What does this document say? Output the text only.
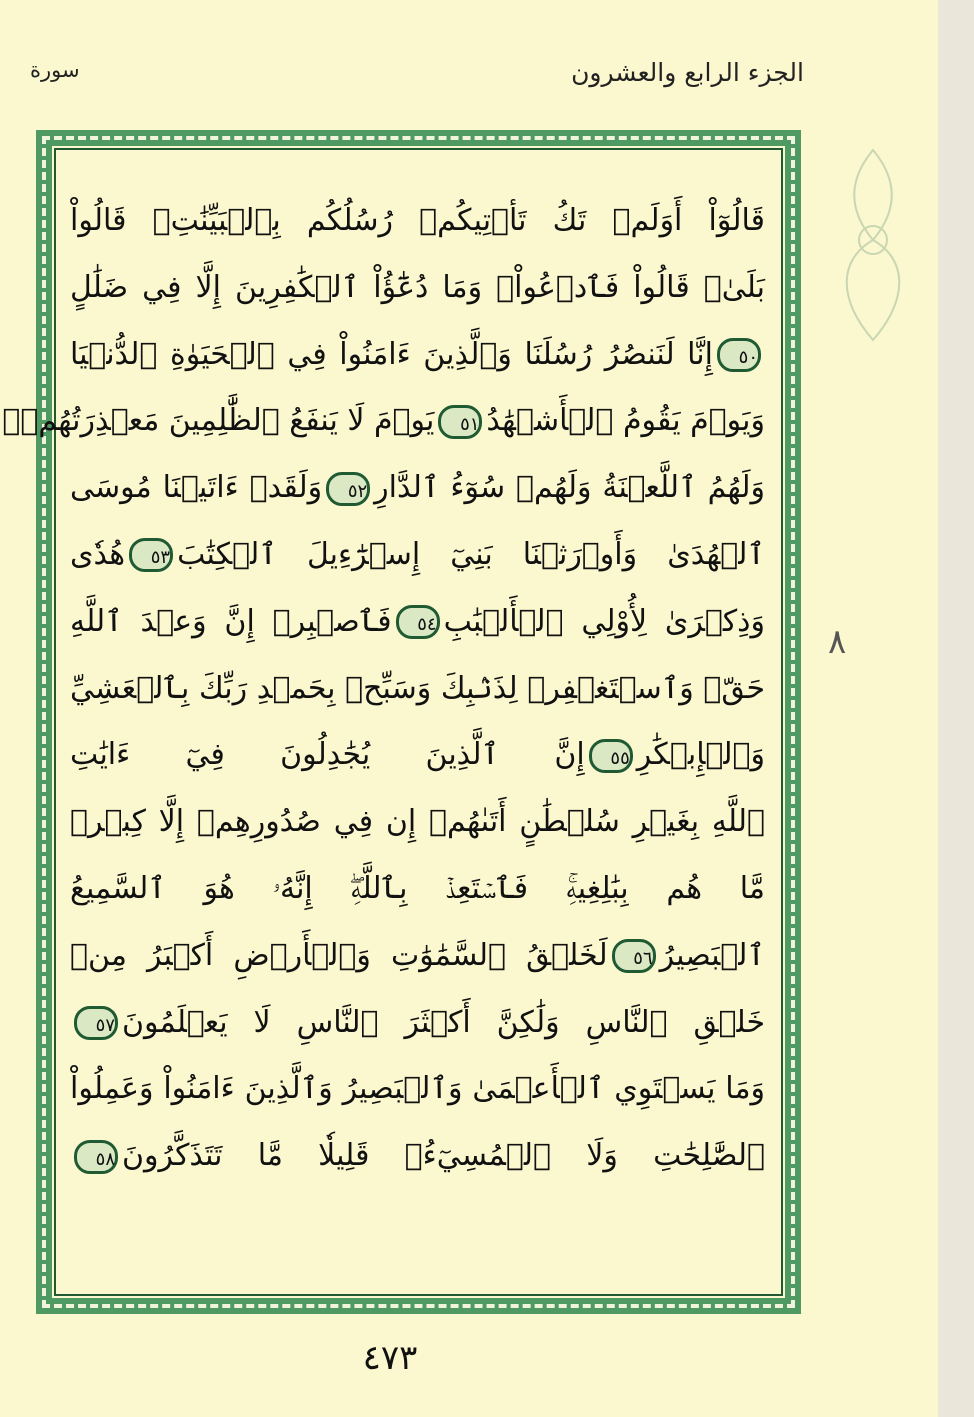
الجزء الرابع والعشرون
سورة
قَالُوٓاْ أَوَلَمۡ تَكُ تَأۡتِيكُمۡ رُسُلُكُم بِٱلۡبَيِّنَٰتِۖ قَالُواْ
بَلَىٰۚ قَالُواْ فَٱدۡعُواْۗ وَمَا دُعَٰٓؤُاْ ٱلۡكَٰفِرِينَ إِلَّا فِي ضَلَٰلٍ
٥٠إِنَّا لَنَنصُرُ رُسُلَنَا وَٱلَّذِينَ ءَامَنُواْ فِي ٱلۡحَيَوٰةِ ٱلدُّنۡيَا
وَيَوۡمَ يَقُومُ ٱلۡأَشۡهَٰدُ٥١يَوۡمَ لَا يَنفَعُ ٱلظَّٰلِمِينَ مَعۡذِرَتُهُمۡۖ
وَلَهُمُ ٱللَّعۡنَةُ وَلَهُمۡ سُوٓءُ ٱلدَّارِ٥٢وَلَقَدۡ ءَاتَيۡنَا مُوسَى
ٱلۡهُدَىٰ وَأَوۡرَثۡنَا بَنِيٓ إِسۡرَٰٓءِيلَ ٱلۡكِتَٰبَ٥٣هُدٗى
وَذِكۡرَىٰ لِأُوْلِي ٱلۡأَلۡبَٰبِ٥٤فَٱصۡبِرۡ إِنَّ وَعۡدَ ٱللَّهِ
حَقّٞ وَٱسۡتَغۡفِرۡ لِذَنۢبِكَ وَسَبِّحۡ بِحَمۡدِ رَبِّكَ بِٱلۡعَشِيِّ
وَٱلۡإِبۡكَٰرِ٥٥إِنَّ ٱلَّذِينَ يُجَٰدِلُونَ فِيٓ ءَايَٰتِ
ٱللَّهِ بِغَيۡرِ سُلۡطَٰنٍ أَتَىٰهُمۡ إِن فِي صُدُورِهِمۡ إِلَّا كِبۡرٞ
مَّا هُم بِبَٰلِغِيهِۚ فَٱسۡتَعِذۡ بِٱللَّهِۖ إِنَّهُۥ هُوَ ٱلسَّمِيعُ
ٱلۡبَصِيرُ٥٦لَخَلۡقُ ٱلسَّمَٰوَٰتِ وَٱلۡأَرۡضِ أَكۡبَرُ مِنۡ
خَلۡقِ ٱلنَّاسِ وَلَٰكِنَّ أَكۡثَرَ ٱلنَّاسِ لَا يَعۡلَمُونَ٥٧
وَمَا يَسۡتَوِي ٱلۡأَعۡمَىٰ وَٱلۡبَصِيرُ وَٱلَّذِينَ ءَامَنُواْ وَعَمِلُواْ
ٱلصَّٰلِحَٰتِ وَلَا ٱلۡمُسِيٓءُۚ قَلِيلٗا مَّا تَتَذَكَّرُونَ٥٨
٨
٤٧٣
